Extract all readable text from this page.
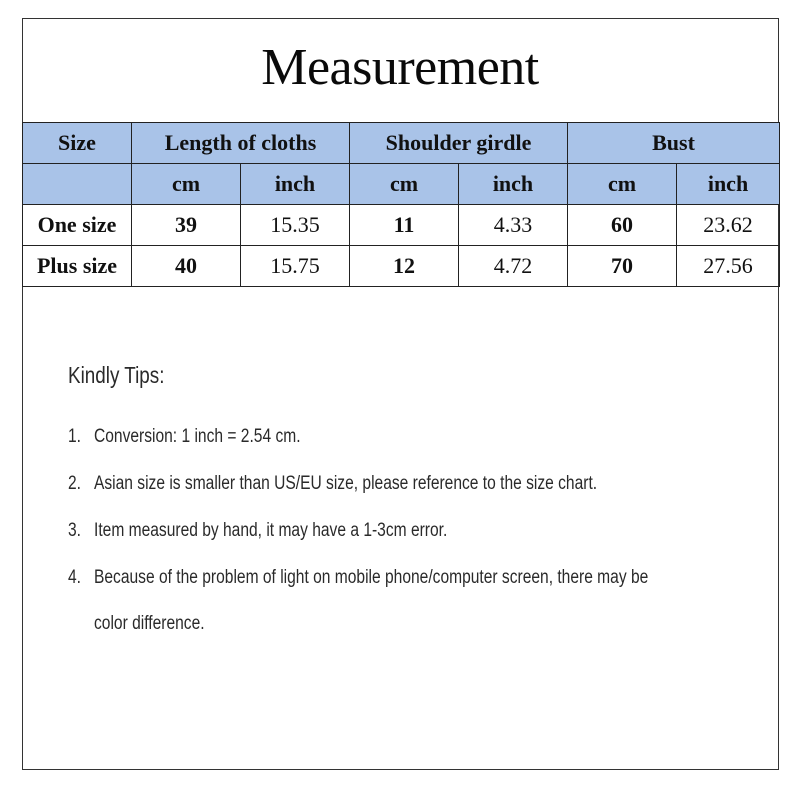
Measurement
Size	Length of cloths		Shoulder girdle		Bust	
	cm	inch	cm	inch	cm	inch
One size	39	15.35	11	4.33	60	23.62
Plus size	40	15.75	12	4.72	70	27.56
Kindly Tips:
1. Conversion: 1 inch = 2.54 cm.
2. Asian size is smaller than US/EU size, please reference to the size chart.
3. Item measured by hand, it may have a 1-3cm error.
4. Because of the problem of light on mobile phone/computer screen, there may be
color difference.
